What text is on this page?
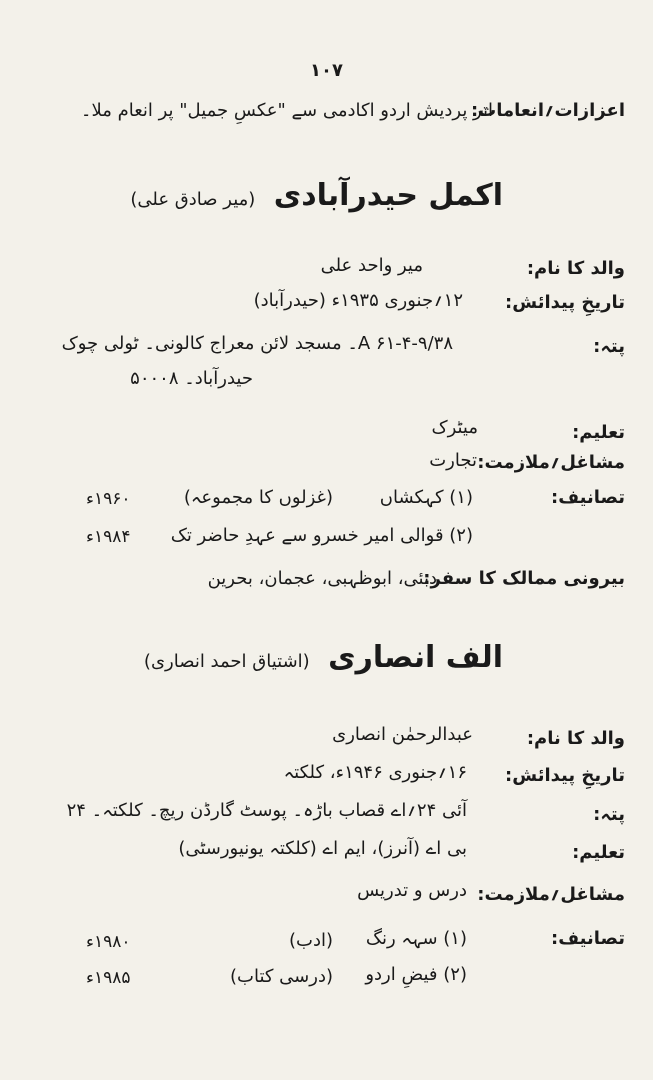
۱۰۷
اعزازات؍انعامات:
اتر پردیش اردو اکادمی سے "عکسِ جمیل" پر انعام ملا۔
اکمل حیدرآبادی (میر صادق علی)
والد کا نام:
میر واحد علی
تاریخِ پیدائش:
۱۲؍جنوری ۱۹۳۵ء (حیدرآباد)
پتہ:
۳۸/A ۶۱-۴-۹۔ مسجد لائن معراج کالونی۔ ٹولی چوک
حیدرآباد۔ ۵۰۰۰۸
تعلیم:
میٹرک
مشاغل؍ملازمت:
تجارت
تصانیف:
(۱) کہکشاں
(غزلوں کا مجموعہ)
۱۹۶۰ء
(۲) قوالی امیر خسرو سے عہدِ حاضر تک
۱۹۸۴ء
بیرونی ممالک کا سفر:
دبئی، ابوظہبی، عجمان، بحرین
الف انصاری (اشتیاق احمد انصاری)
والد کا نام:
عبدالرحمٰن انصاری
تاریخِ پیدائش:
۱۶؍جنوری ۱۹۴۶ء، کلکتہ
پتہ:
آئی ۲۴؍اے قصاب باڑہ۔ پوسٹ گارڈن ریچ۔ کلکتہ۔ ۲۴
تعلیم:
بی اے (آنرز)، ایم اے (کلکتہ یونیورسٹی)
مشاغل؍ملازمت:
درس و تدریس
تصانیف:
(۱) سہہ رنگ
(ادب)
۱۹۸۰ء
(۲) فیضِ اردو
(درسی کتاب)
۱۹۸۵ء
